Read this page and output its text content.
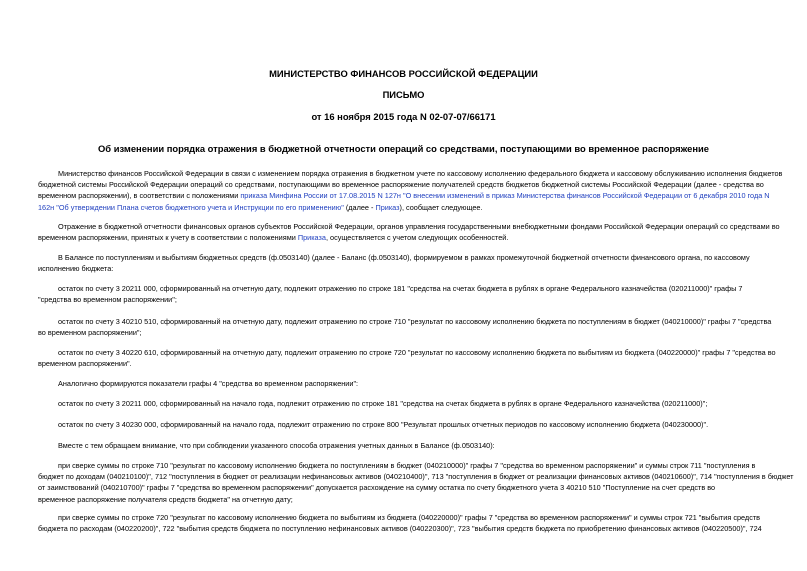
МИНИСТЕРСТВО ФИНАНСОВ РОССИЙСКОЙ ФЕДЕРАЦИИ
ПИСЬМО
от 16 ноября 2015 года N 02-07-07/66171
Об изменении порядка отражения в бюджетной отчетности операций со средствами, поступающими во временное распоряжение
Министерство финансов Российской Федерации в связи с изменением порядка отражения в бюджетном учете по кассовому исполнению федерального бюджета и кассовому обслуживанию исполнения бюджетов
бюджетной системы Российской Федерации операций со средствами, поступающими во временное распоряжение получателей средств бюджетов бюджетной системы Российской Федерации (далее - средства во
временном распоряжении), в соответствии с положениями приказа Минфина России от 17.08.2015 N 127н "О внесении изменений в приказ Министерства финансов Российской Федерации от 6 декабря 2010 года N
162н "Об утверждении Плана счетов бюджетного учета и Инструкции по его применению" (далее - Приказ), сообщает следующее.
Отражение в бюджетной отчетности финансовых органов субъектов Российской Федерации, органов управления государственными внебюджетными фондами Российской Федерации операций со средствами во
временном распоряжении, принятых к учету в соответствии с положениями Приказа, осуществляется с учетом следующих особенностей.
В Балансе по поступлениям и выбытиям бюджетных средств (ф.0503140) (далее - Баланс (ф.0503140), формируемом в рамках промежуточной бюджетной отчетности финансового органа, по кассовому
исполнению бюджета:
остаток по счету 3 20211 000, сформированный на отчетную дату, подлежит отражению по строке 181 "средства на счетах бюджета в рублях в органе Федерального казначейства (020211000)" графы 7
"средства во временном распоряжении";
остаток по счету 3 40210 510, сформированный на отчетную дату, подлежит отражению по строке 710 "результат по кассовому исполнению бюджета по поступлениям в бюджет (040210000)" графы 7 "средства
во временном распоряжении";
остаток по счету 3 40220 610, сформированный на отчетную дату, подлежит отражению по строке 720 "результат по кассовому исполнению бюджета по выбытиям из бюджета (040220000)" графы 7 "средства во
временном распоряжении".
Аналогично формируются показатели графы 4 "средства во временном распоряжении":
остаток по счету 3 20211 000, сформированный на начало года, подлежит отражению по строке 181 "средства на счетах бюджета в рублях в органе Федерального казначейства (020211000)";
остаток по счету 3 40230 000, сформированный на начало года, подлежит отражению по строке 800 "Результат прошлых отчетных периодов по кассовому исполнению бюджета (040230000)".
Вместе с тем обращаем внимание, что при соблюдении указанного способа отражения учетных данных в Балансе (ф.0503140):
при сверке суммы по строке 710 "результат по кассовому исполнению бюджета по поступлениям в бюджет (040210000)" графы 7 "средства во временном распоряжении" и суммы строк 711 "поступления в
бюджет по доходам (040210100)", 712 "поступления в бюджет от реализации нефинансовых активов (040210400)", 713 "поступления в бюджет от реализации финансовых активов (040210600)", 714 "поступления в бюджет
от заимствований (040210700)" графы 7 "средства во временном распоряжении" допускается расхождение на сумму остатка по счету бюджетного учета 3 40210 510 "Поступление на счет средств во
временное распоряжение получателя средств бюджета" на отчетную дату;
при сверке суммы по строке 720 "результат по кассовому исполнению бюджета по выбытиям из бюджета (040220000)" графы 7 "средства во временном распоряжении" и суммы строк 721 "выбытия средств
бюджета по расходам (040220200)", 722 "выбытия средств бюджета по поступлению нефинансовых активов (040220300)", 723 "выбытия средств бюджета по приобретению финансовых активов (040220500)", 724
